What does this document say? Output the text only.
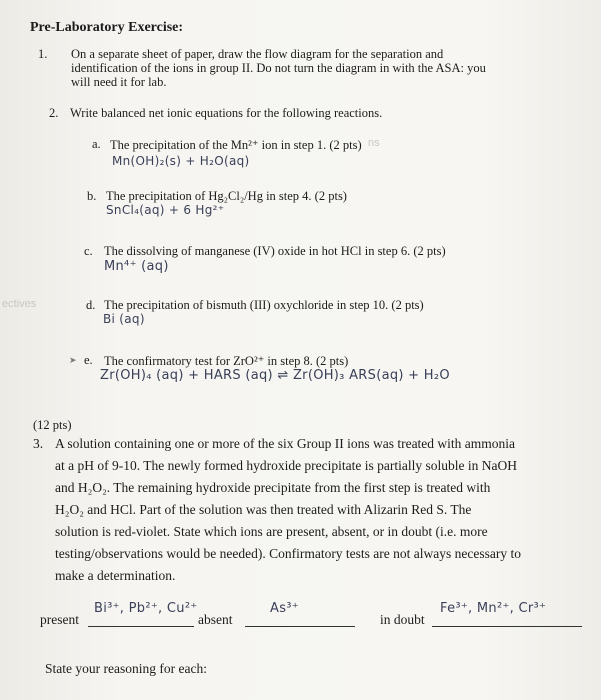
Pre-Laboratory Exercise:
1. On a separate sheet of paper, draw the flow diagram for the separation and
identification of the ions in group II. Do not turn the diagram in with the ASA: you
will need it for lab.
2. Write balanced net ionic equations for the following reactions.
a. The precipitation of the Mn²⁺ ion in step 1. (2 pts) ns
Mn(OH)₂(s) + H₂O(aq)
b. The precipitation of Hg₂Cl₂/Hg in step 4. (2 pts)
SnCl₄(aq) + 6 Hg²⁺
c. The dissolving of manganese (IV) oxide in hot HCl in step 6. (2 pts)
Mn⁴⁺ (aq)
ectives	d. The precipitation of bismuth (III) oxychloride in step 10. (2 pts)
Bi (aq)
➤ e. The confirmatory test for ZrO²⁺ in step 8. (2 pts)
Zr(OH)₄ (aq) + HARS (aq) ⇌ Zr(OH)₃ ARS(aq) + H₂O
(12 pts)
3. A solution containing one or more of the six Group II ions was treated with ammonia
at a pH of 9-10. The newly formed hydroxide precipitate is partially soluble in NaOH
and H₂O₂. The remaining hydroxide precipitate from the first step is treated with
H₂O₂ and HCl. Part of the solution was then treated with Alizarin Red S. The
solution is red-violet. State which ions are present, absent, or in doubt (i.e. more
testing/observations would be needed). Confirmatory tests are not always necessary to
make a determination.
present
Bi³⁺, Pb²⁺, Cu²⁺
absent
As³⁺
in doubt
Fe³⁺, Mn²⁺, Cr³⁺
State your reasoning for each:
